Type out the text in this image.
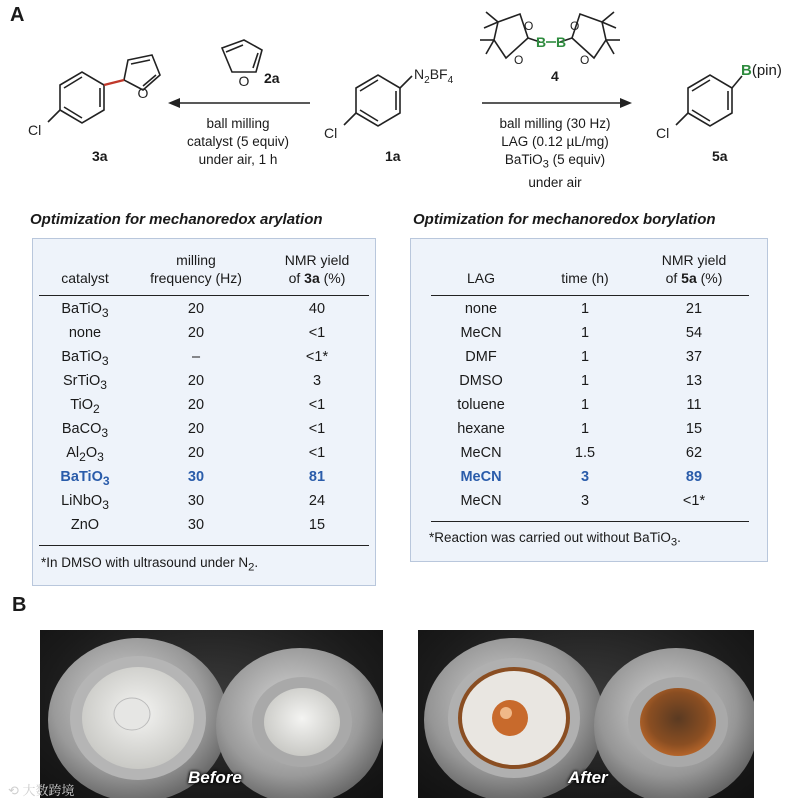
A
B
O
Cl
O	$N_2BF_4$
Cl
O
O
O
O
B B
Cl
B(pin)
2a	4
3a	1a	5a
ball milling
catalyst (5 equiv)
under air, 1 h
ball milling (30 Hz)
LAG (0.12 µL/mg)
BaTiO$_3$ (5 equiv)
under air
Optimization for mechanoredox arylation	Optimization for mechanoredox borylation
catalyst
milling
frequency (Hz)
NMR yield
of 3a (%)
BaTiO$_3$	20	40
none	20	<1
BaTiO$_3$	–	<1*
SrTiO$_3$	20	3
TiO$_2$	20	<1
BaCO$_3$	20	<1
$Al_2O_3$	20	<1
BaTiO$_3$	30	81
LiNbO$_3$	30	24
ZnO	30	15
*In DMSO with ultrasound under $N_2$.
LAG	time (h)
NMR yield
of 5a (%)
none	1	21
MeCN	1	54
DMF	1	37
DMSO	1	13
toluene	1	11
hexane	1	15
MeCN	1.5	62
MeCN	3	89
MeCN	3	<1*
*Reaction was carried out without BaTiO$_3$.
Before	After
⟲ 大数跨境
